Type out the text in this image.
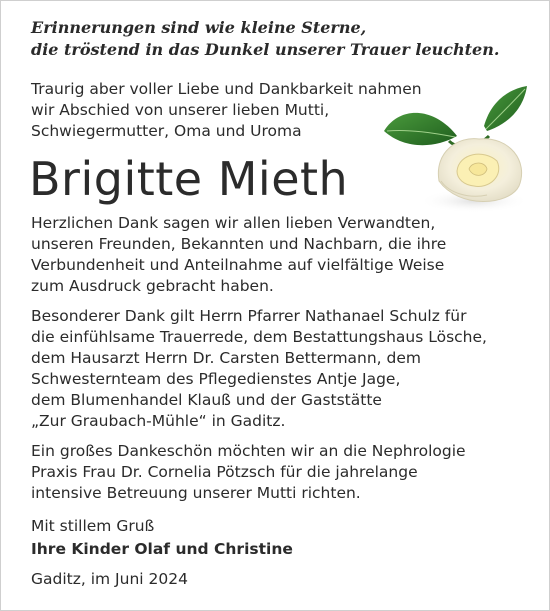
Erinnerungen sind wie kleine Sterne,
die tröstend in das Dunkel unserer Trauer leuchten.

Traurig aber voller Liebe und Dankbarkeit nahmen
wir Abschied von unserer lieben Mutti,
Schwiegermutter, Oma und Uroma

Brigitte Mieth

Herzlichen Dank sagen wir allen lieben Verwandten,
unseren Freunden, Bekannten und Nachbarn, die ihre
Verbundenheit und Anteilnahme auf vielfältige Weise
zum Ausdruck gebracht haben.

Besonderer Dank gilt Herrn Pfarrer Nathanael Schulz für
die einfühlsame Trauerrede, dem Bestattungshaus Lösche,
dem Hausarzt Herrn Dr. Carsten Bettermann, dem
Schwesternteam des Pflegedienstes Antje Jage,
dem Blumenhandel Klauß und der Gaststätte
„Zur Graubach-Mühle“ in Gaditz.

Ein großes Dankeschön möchten wir an die Nephrologie
Praxis Frau Dr. Cornelia Pötzsch für die jahrelange
intensive Betreuung unserer Mutti richten.

Mit stillem Gruß
Ihre Kinder Olaf und Christine

Gaditz, im Juni 2024
